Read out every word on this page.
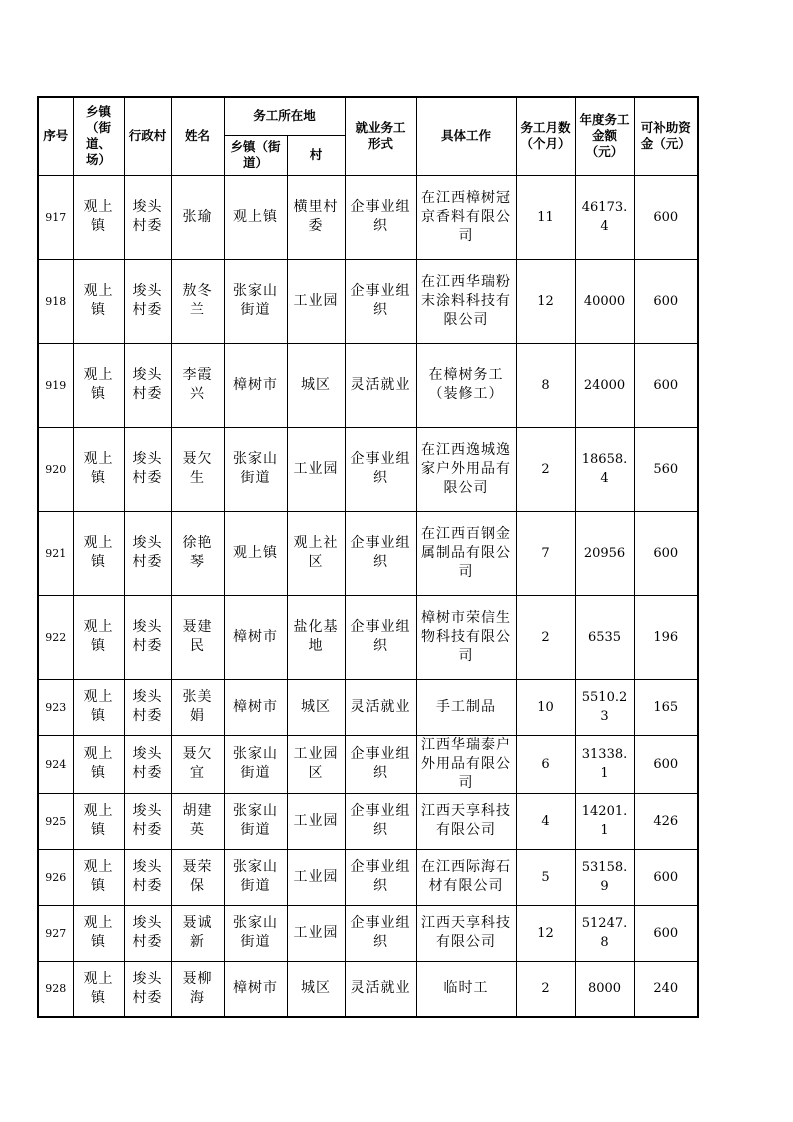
序号	乡镇（街道、场）	行政村	姓名	务工所在地		就业务工形式	具体工作	务工月数（个月）	年度务工金额（元）	可补助资金（元）
				乡镇（街道）	村					
917	观上镇	埈头村委	张瑜	观上镇	横里村委	企事业组织	在江西樟树冠京香料有限公司	11	46173.4	600
918	观上镇	埈头村委	敖冬兰	张家山街道	工业园	企事业组织	在江西华瑞粉末涂料科技有限公司	12	40000	600
919	观上镇	埈头村委	李霞兴	樟树市	城区	灵活就业	在樟树务工（装修工）	8	24000	600
920	观上镇	埈头村委	聂欠生	张家山街道	工业园	企事业组织	在江西逸城逸家户外用品有限公司	2	18658.4	560
921	观上镇	埈头村委	徐艳琴	观上镇	观上社区	企事业组织	在江西百钢金属制品有限公司	7	20956	600
922	观上镇	埈头村委	聂建民	樟树市	盐化基地	企事业组织	樟树市荣信生物科技有限公司	2	6535	196
923	观上镇	埈头村委	张美娟	樟树市	城区	灵活就业	手工制品	10	5510.23	165
924	观上镇	埈头村委	聂欠宜	张家山街道	工业园区	企事业组织	江西华瑞泰户外用品有限公司	6	31338.1	600
925	观上镇	埈头村委	胡建英	张家山街道	工业园	企事业组织	江西天享科技有限公司	4	14201.1	426
926	观上镇	埈头村委	聂荣保	张家山街道	工业园	企事业组织	在江西际海石材有限公司	5	53158.9	600
927	观上镇	埈头村委	聂诚新	张家山街道	工业园	企事业组织	江西天享科技有限公司	12	51247.8	600
928	观上镇	埈头村委	聂柳海	樟树市	城区	灵活就业	临时工	2	8000	240
